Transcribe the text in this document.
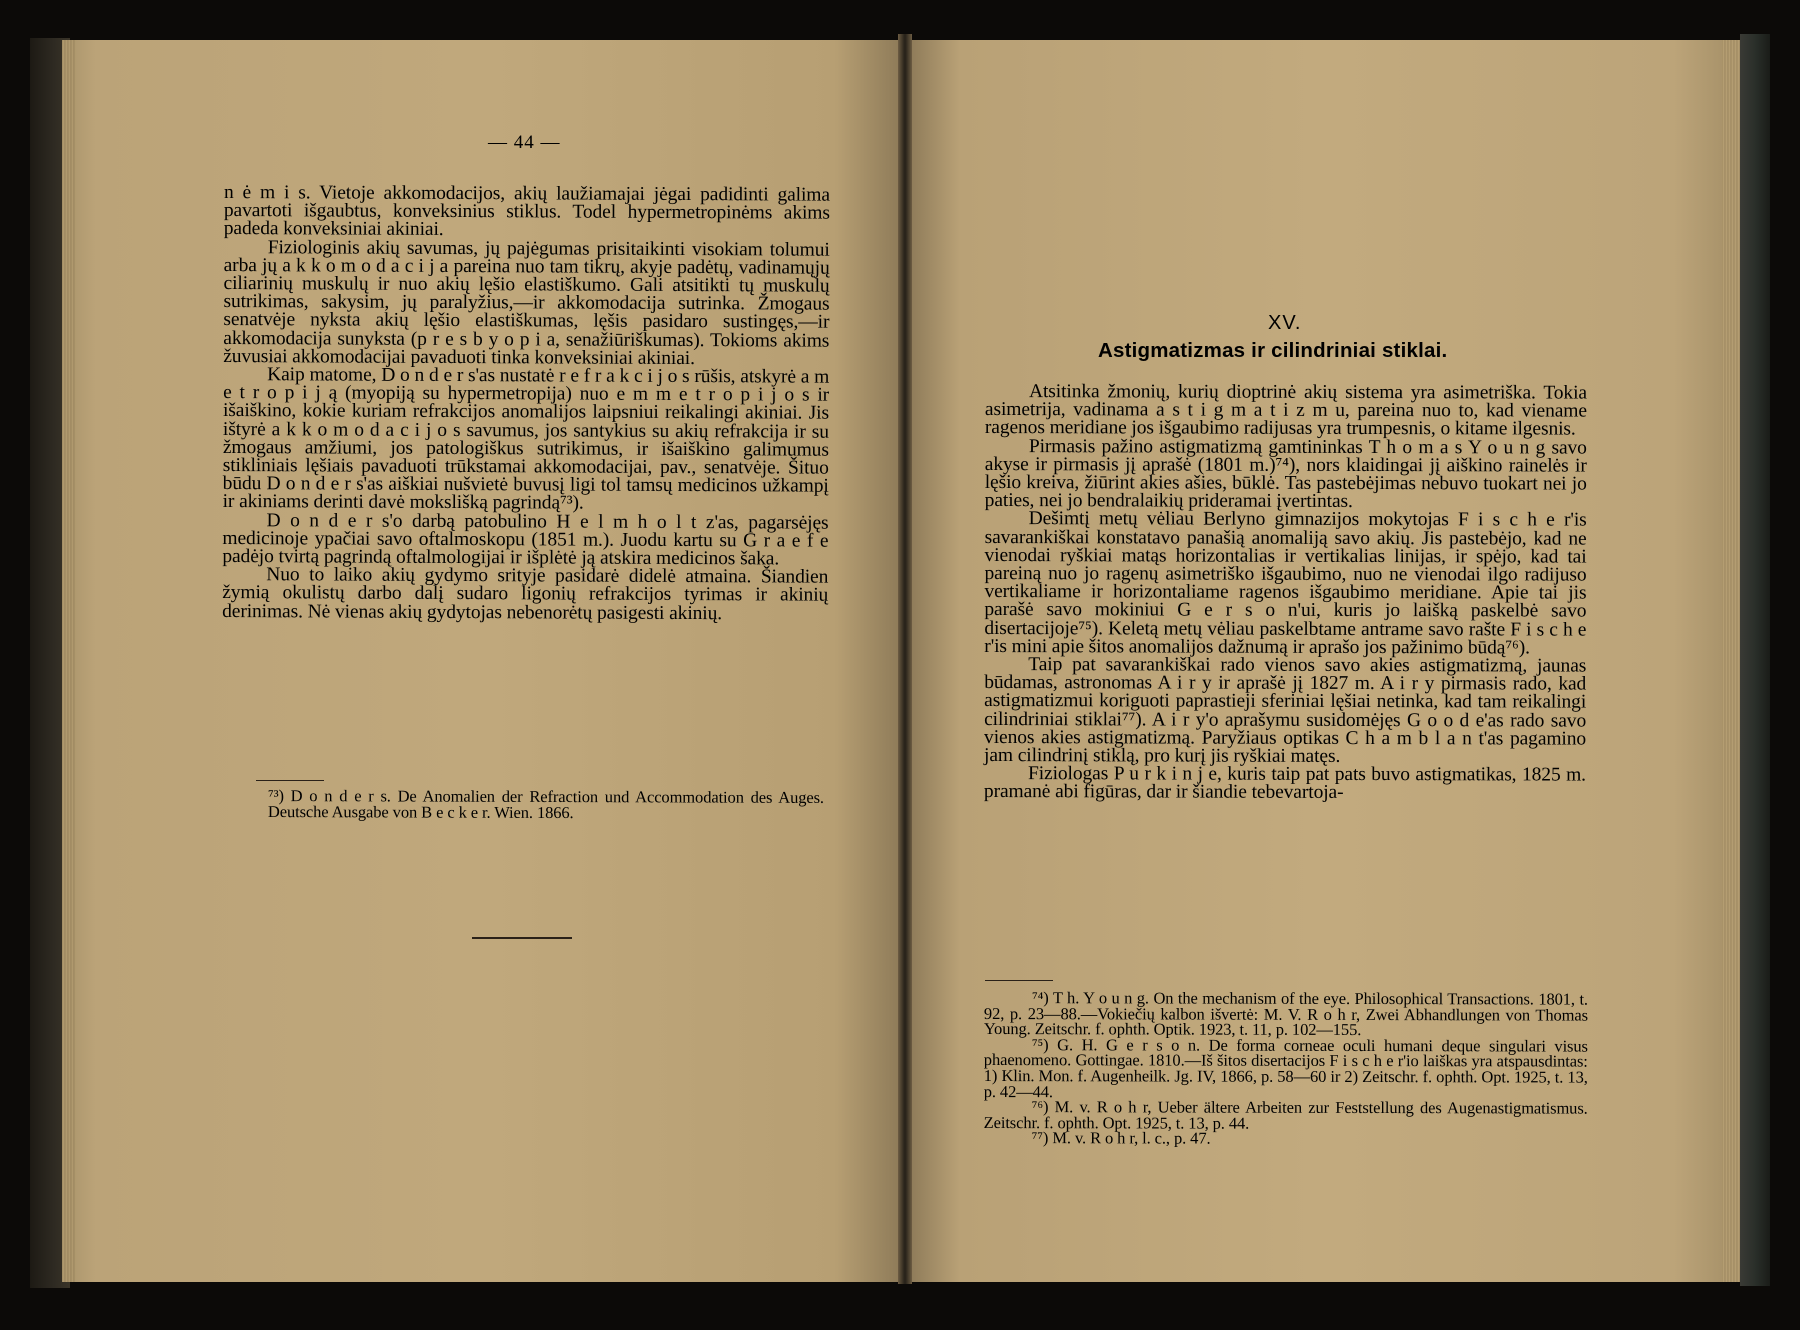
— 44 —

n ė m i s. Vietoje akkomodacijos, akių laužiamajai jėgai padidinti galima pavartoti išgaubtus, konveksinius stiklus. Todel hypermetropinėms akims padeda konveksiniai akiniai.

Fiziologinis akių savumas, jų pajėgumas prisitaikinti visokiam tolumui arba jų a k k o m o d a c i j a pareina nuo tam tikrų, akyje padėtų, vadinamųjų ciliarinių muskulų ir nuo akių lęšio elastiškumo. Gali atsitikti tų muskulų sutrikimas, sakysim, jų paralyžius,—ir akkomodacija sutrinka. Žmogaus senatvėje nyksta akių lęšio elastiškumas, lęšis pasidaro sustingęs,—ir akkomodacija sunyksta (p r e s b y o p i a, senažiūriškumas). Tokioms akims žuvusiai akkomodacijai pavaduoti tinka konveksiniai akiniai.

Kaip matome, D o n d e r s'as nustatė r e f r a k c i j o s rūšis, atskyrė a m e t r o p i j ą (myopiją su hypermetropija) nuo e m m e t r o p i j o s ir išaiškino, kokie kuriam refrakcijos anomalijos laipsniui reikalingi akiniai. Jis ištyrė a k k o m o d a c i j o s savumus, jos santykius su akių refrakcija ir su žmogaus amžiumi, jos patologiškus sutrikimus, ir išaiškino galimumus stikliniais lęšiais pavaduoti trūkstamai akkomodacijai, pav., senatvėje. Šituo būdu D o n d e r s'as aiškiai nušvietė buvusį ligi tol tamsų medicinos užkampį ir akiniams derinti davė mokslišką pagrindą⁷³).

D o n d e r s'o darbą patobulino H e l m h o l t z'as, pagarsėjęs medicinoje ypačiai savo oftalmoskopu (1851 m.). Juodu kartu su G r a e f e padėjo tvirtą pagrindą oftalmologijai ir išplėtė ją atskira medicinos šaka.

Nuo to laiko akių gydymo srityje pasidarė didelė atmaina. Šiandien žymią okulistų darbo dalį sudaro ligonių refrakcijos tyrimas ir akinių derinimas. Nė vienas akių gydytojas nebenorėtų pasigesti akinių.

⁷³) D o n d e r s. De Anomalien der Refraction und Accommodation des Auges. Deutsche Ausgabe von B e c k e r. Wien. 1866.

XV.
Astigmatizmas ir cilindriniai stiklai.

Atsitinka žmonių, kurių dioptrinė akių sistema yra asimetriška. Tokia asimetrija, vadinama a s t i g m a t i z m u, pareina nuo to, kad viename ragenos meridiane jos išgaubimo radijusas yra trumpesnis, o kitame ilgesnis.

Pirmasis pažino astigmatizmą gamtininkas T h o m a s Y o u n g savo akyse ir pirmasis jį aprašė (1801 m.)⁷⁴), nors klaidingai jį aiškino rainelės ir lęšio kreiva, žiūrint akies ašies, būklė. Tas pastebėjimas nebuvo tuokart nei jo paties, nei jo bendralaikių prideramai įvertintas.

Dešimtį metų vėliau Berlyno gimnazijos mokytojas F i s c h e r'is savarankiškai konstatavo panašią anomaliją savo akių. Jis pastebėjo, kad ne vienodai ryškiai matąs horizontalias ir vertikalias linijas, ir spėjo, kad tai pareiną nuo jo ragenų asimetriško išgaubimo, nuo ne vienodai ilgo radijuso vertikaliame ir horizontaliame ragenos išgaubimo meridiane. Apie tai jis parašė savo mokiniui G e r s o n'ui, kuris jo laišką paskelbė savo disertacijoje⁷⁵). Keletą metų vėliau paskelbtame antrame savo rašte F i s c h e r'is mini apie šitos anomalijos dažnumą ir aprašo jos pažinimo būdą⁷⁶).

Taip pat savarankiškai rado vienos savo akies astigmatizmą, jaunas būdamas, astronomas A i r y ir aprašė jį 1827 m. A i r y pirmasis rado, kad astigmatizmui koriguoti paprastieji sferiniai lęšiai netinka, kad tam reikalingi cilindriniai stiklai⁷⁷). A i r y'o aprašymu susidomėjęs G o o d e'as rado savo vienos akies astigmatizmą. Paryžiaus optikas C h a m b l a n t'as pagamino jam cilindrinį stiklą, pro kurį jis ryškiai matęs.

Fiziologas P u r k i n j e, kuris taip pat pats buvo astigmatikas, 1825 m. pramanė abi figūras, dar ir šiandie tebevartoja-

⁷⁴) T h. Y o u n g. On the mechanism of the eye. Philosophical Transactions. 1801, t. 92, p. 23—88.—Vokiečių kalbon išvertė: M. V. R o h r, Zwei Abhandlungen von Thomas Young. Zeitschr. f. ophth. Optik. 1923, t. 11, p. 102—155.

⁷⁵) G. H. G e r s o n. De forma corneae oculi humani deque singulari visus phaenomeno. Gottingae. 1810.—Iš šitos disertacijos F i s c h e r'io laiškas yra atspausdintas: 1) Klin. Mon. f. Augenheilk. Jg. IV, 1866, p. 58—60 ir 2) Zeitschr. f. ophth. Opt. 1925, t. 13, p. 42—44.

⁷⁶) M. v. R o h r, Ueber ältere Arbeiten zur Feststellung des Augenastigmatismus. Zeitschr. f. ophth. Opt. 1925, t. 13, p. 44.

⁷⁷) M. v. R o h r, l. c., p. 47.
